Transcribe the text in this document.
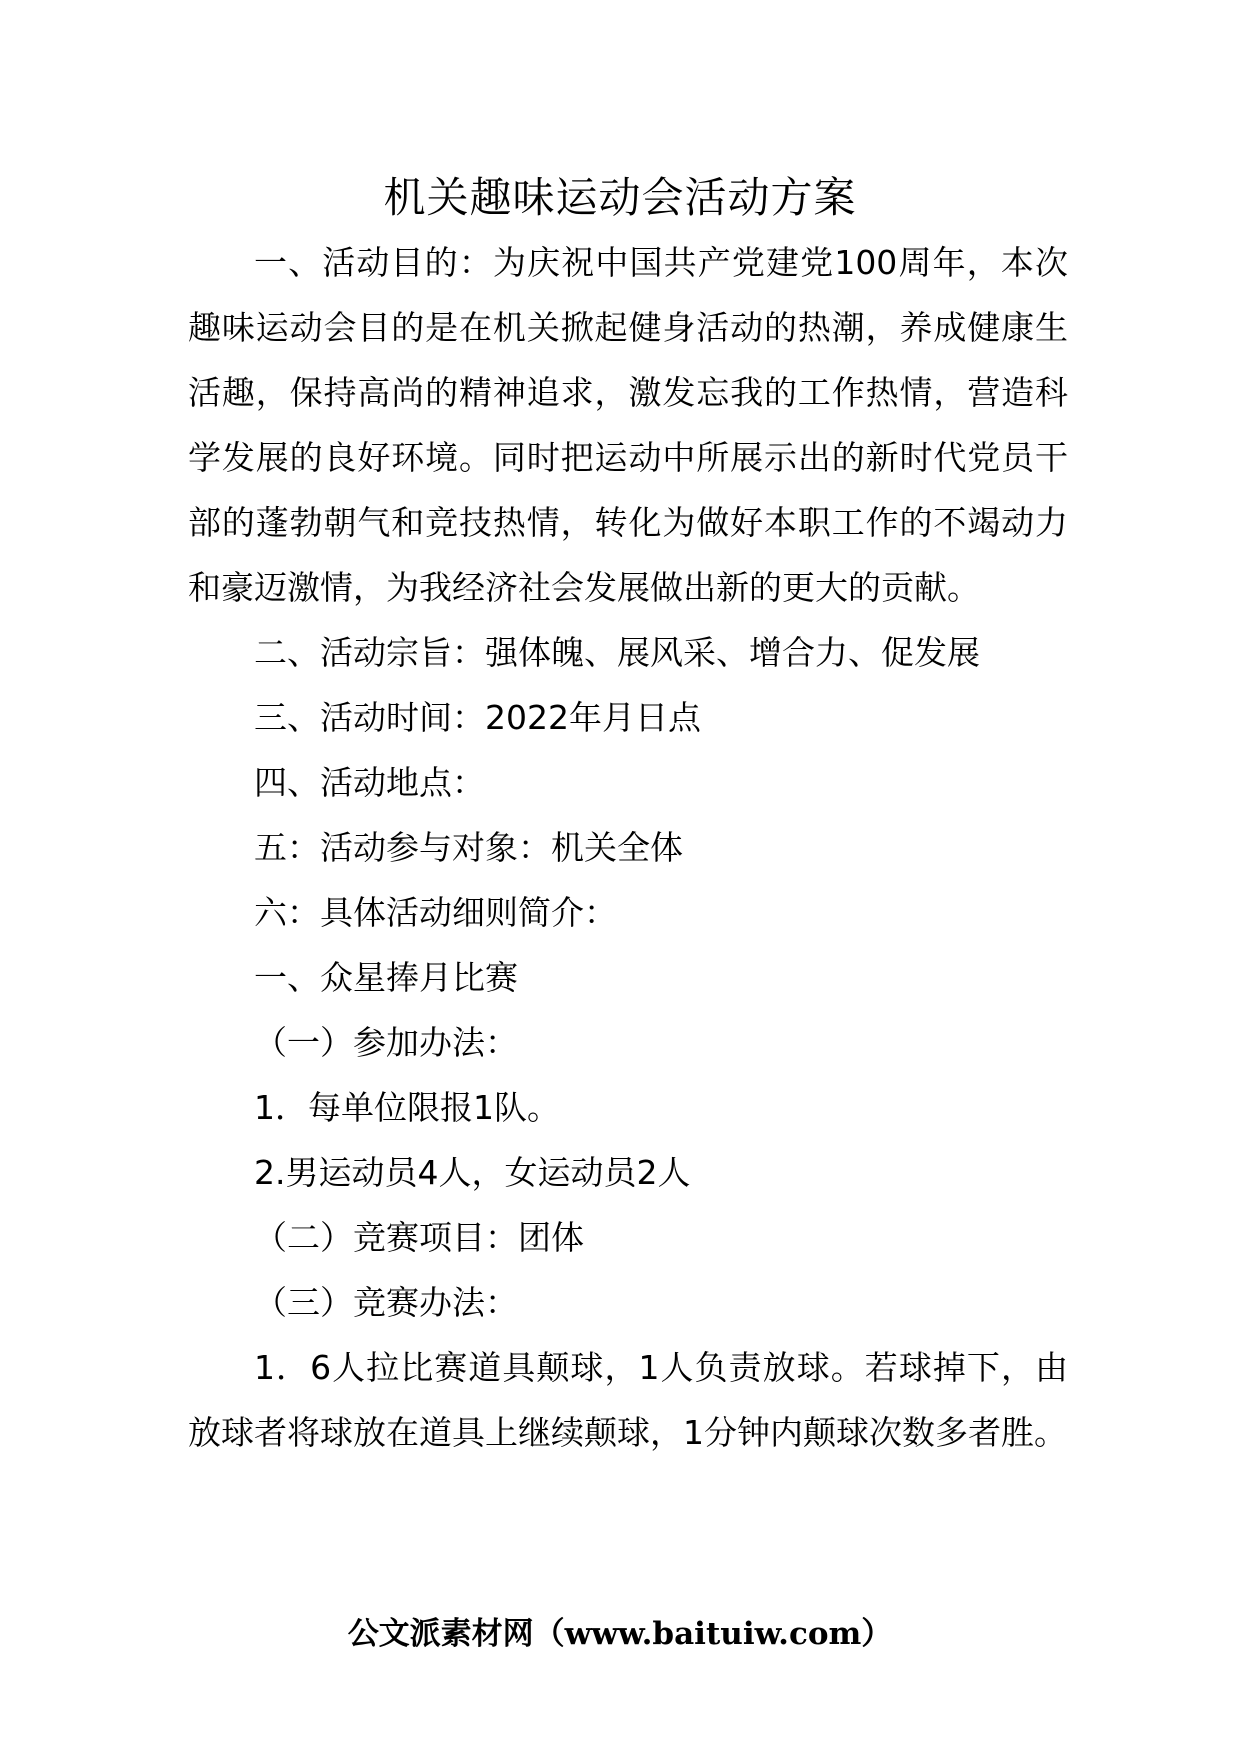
机关趣味运动会活动方案

一、活动目的：为庆祝中国共产党建党100周年，本次趣味运动会目的是在机关掀起健身活动的热潮，养成健康生活趣，保持高尚的精神追求，激发忘我的工作热情，营造科学发展的良好环境。同时把运动中所展示出的新时代党员干部的蓬勃朝气和竞技热情，转化为做好本职工作的不竭动力和豪迈激情，为我经济社会发展做出新的更大的贡献。

二、活动宗旨：强体魄、展风采、增合力、促发展

三、活动时间：2022年月日点

四、活动地点：

五：活动参与对象：机关全体

六：具体活动细则简介：

一、众星捧月比赛

（一）参加办法：

1．每单位限报1队。

2.男运动员4人，女运动员2人

（二）竞赛项目：团体

（三）竞赛办法：

1．6人拉比赛道具颠球，1人负责放球。若球掉下，由放球者将球放在道具上继续颠球，1分钟内颠球次数多者胜。

公文派素材网（www.baituiw.com）
